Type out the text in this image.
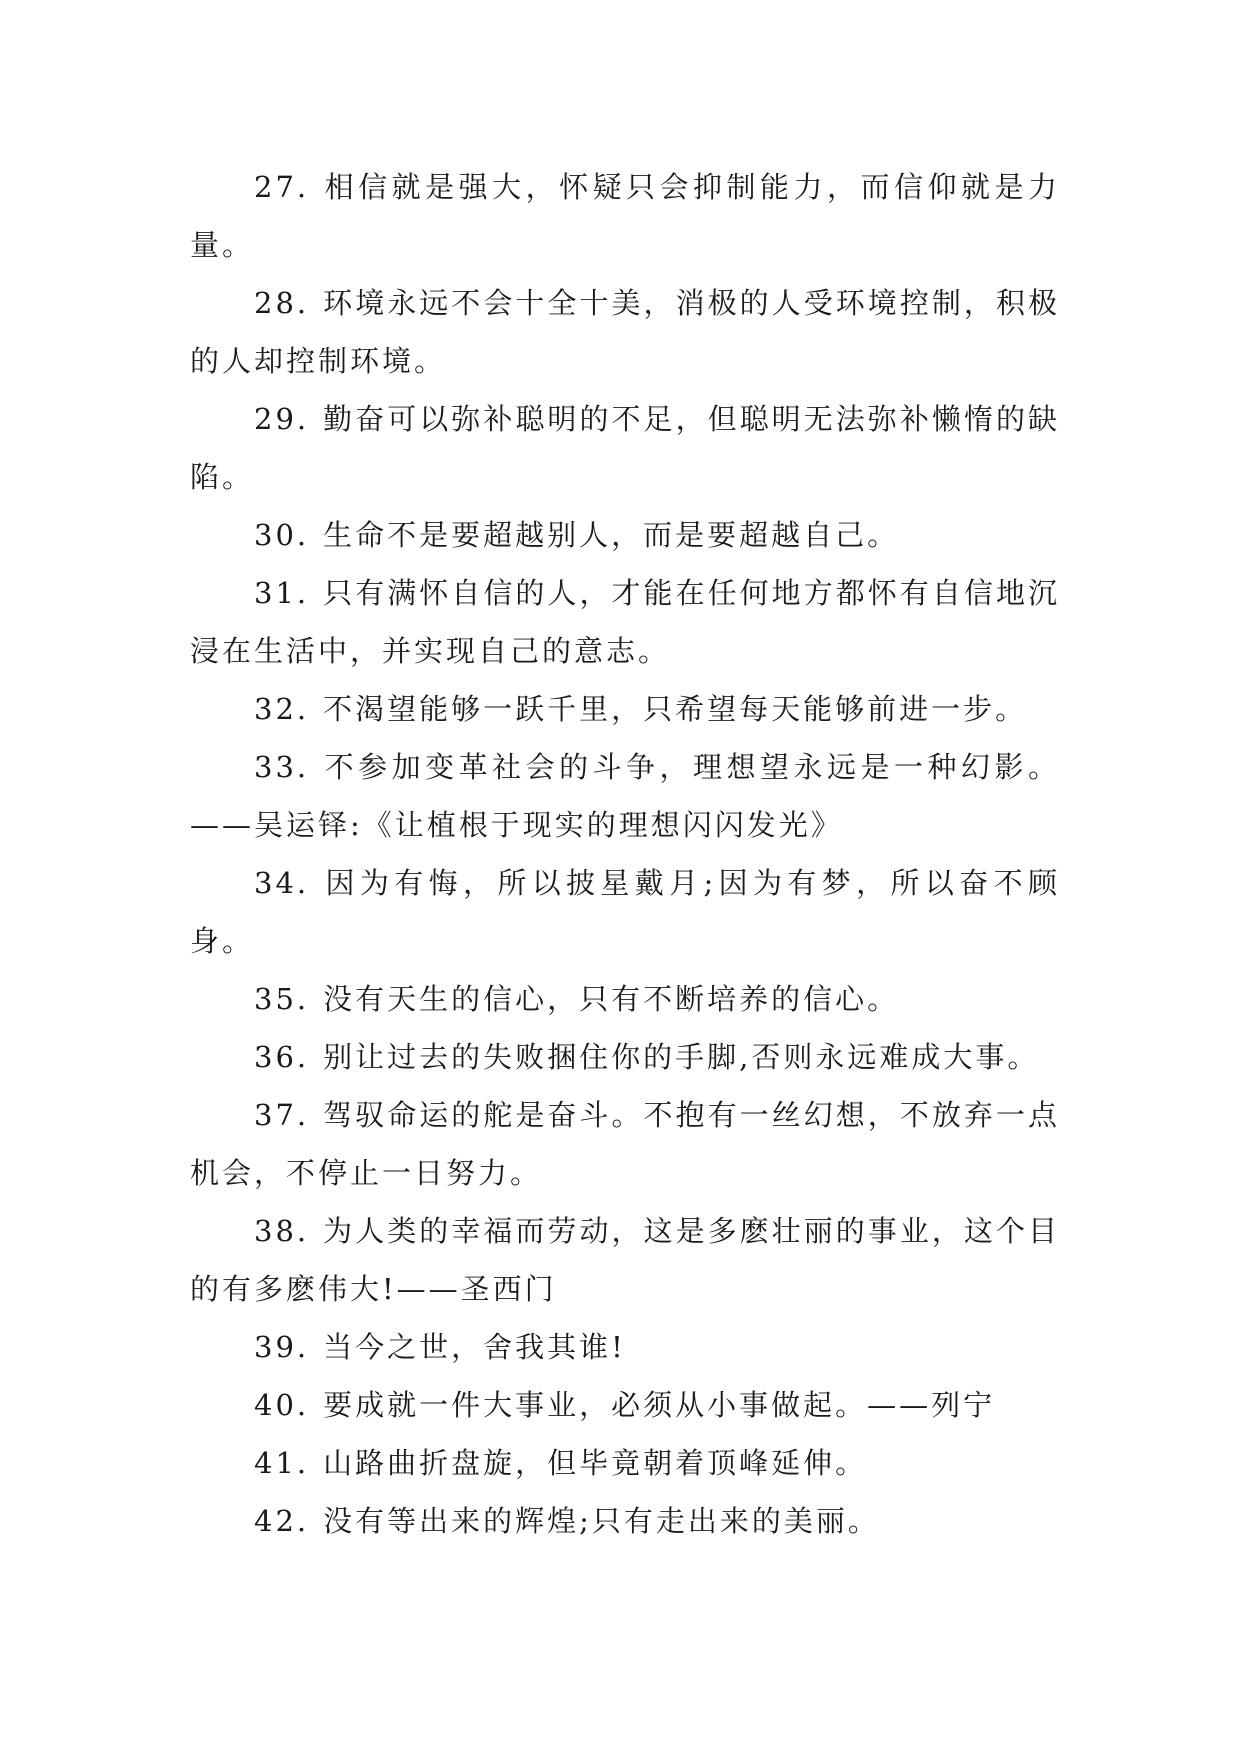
27. 相信就是强大，怀疑只会抑制能力，而信仰就是力量。

28. 环境永远不会十全十美，消极的人受环境控制，积极的人却控制环境。

29. 勤奋可以弥补聪明的不足，但聪明无法弥补懒惰的缺陷。

30. 生命不是要超越别人，而是要超越自己。

31. 只有满怀自信的人，才能在任何地方都怀有自信地沉浸在生活中，并实现自己的意志。

32. 不渴望能够一跃千里，只希望每天能够前进一步。

33. 不参加变革社会的斗争，理想望永远是一种幻影。——吴运铎:《让植根于现实的理想闪闪发光》

34. 因为有悔，所以披星戴月;因为有梦，所以奋不顾身。

35. 没有天生的信心，只有不断培养的信心。

36. 别让过去的失败捆住你的手脚,否则永远难成大事。

37. 驾驭命运的舵是奋斗。不抱有一丝幻想，不放弃一点机会，不停止一日努力。

38. 为人类的幸福而劳动，这是多麽壮丽的事业，这个目的有多麽伟大!——圣西门

39. 当今之世，舍我其谁!

40. 要成就一件大事业，必须从小事做起。——列宁

41. 山路曲折盘旋，但毕竟朝着顶峰延伸。

42. 没有等出来的辉煌;只有走出来的美丽。
